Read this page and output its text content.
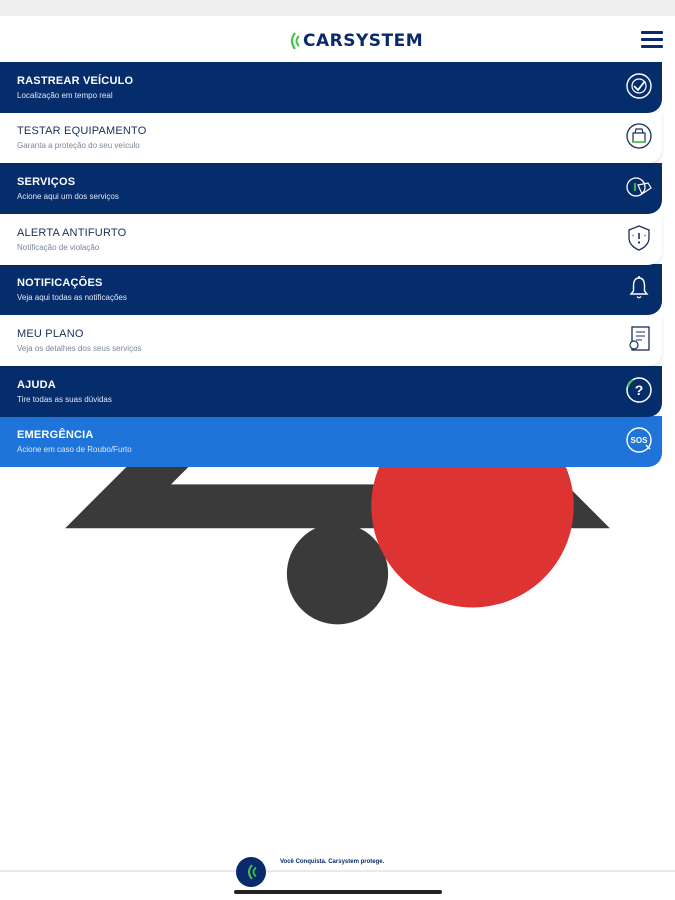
CARSYSTEM
RASTREAR VEÍCULO
Localização em tempo real
TESTAR EQUIPAMENTO
Garanta a proteção do seu veículo
SERVIÇOS
Acione aqui um dos serviços
ALERTA ANTIFURTO
Notificação de violação
NOTIFICAÇÕES
Veja aqui todas as notificações
MEU PLANO
Veja os detalhes dos seus serviços
AJUDA
Tire todas as suas dúvidas
?
EMERGÊNCIA
Acione em caso de Roubo/Furto
SOS
Você Conquista. Carsystem protege.
